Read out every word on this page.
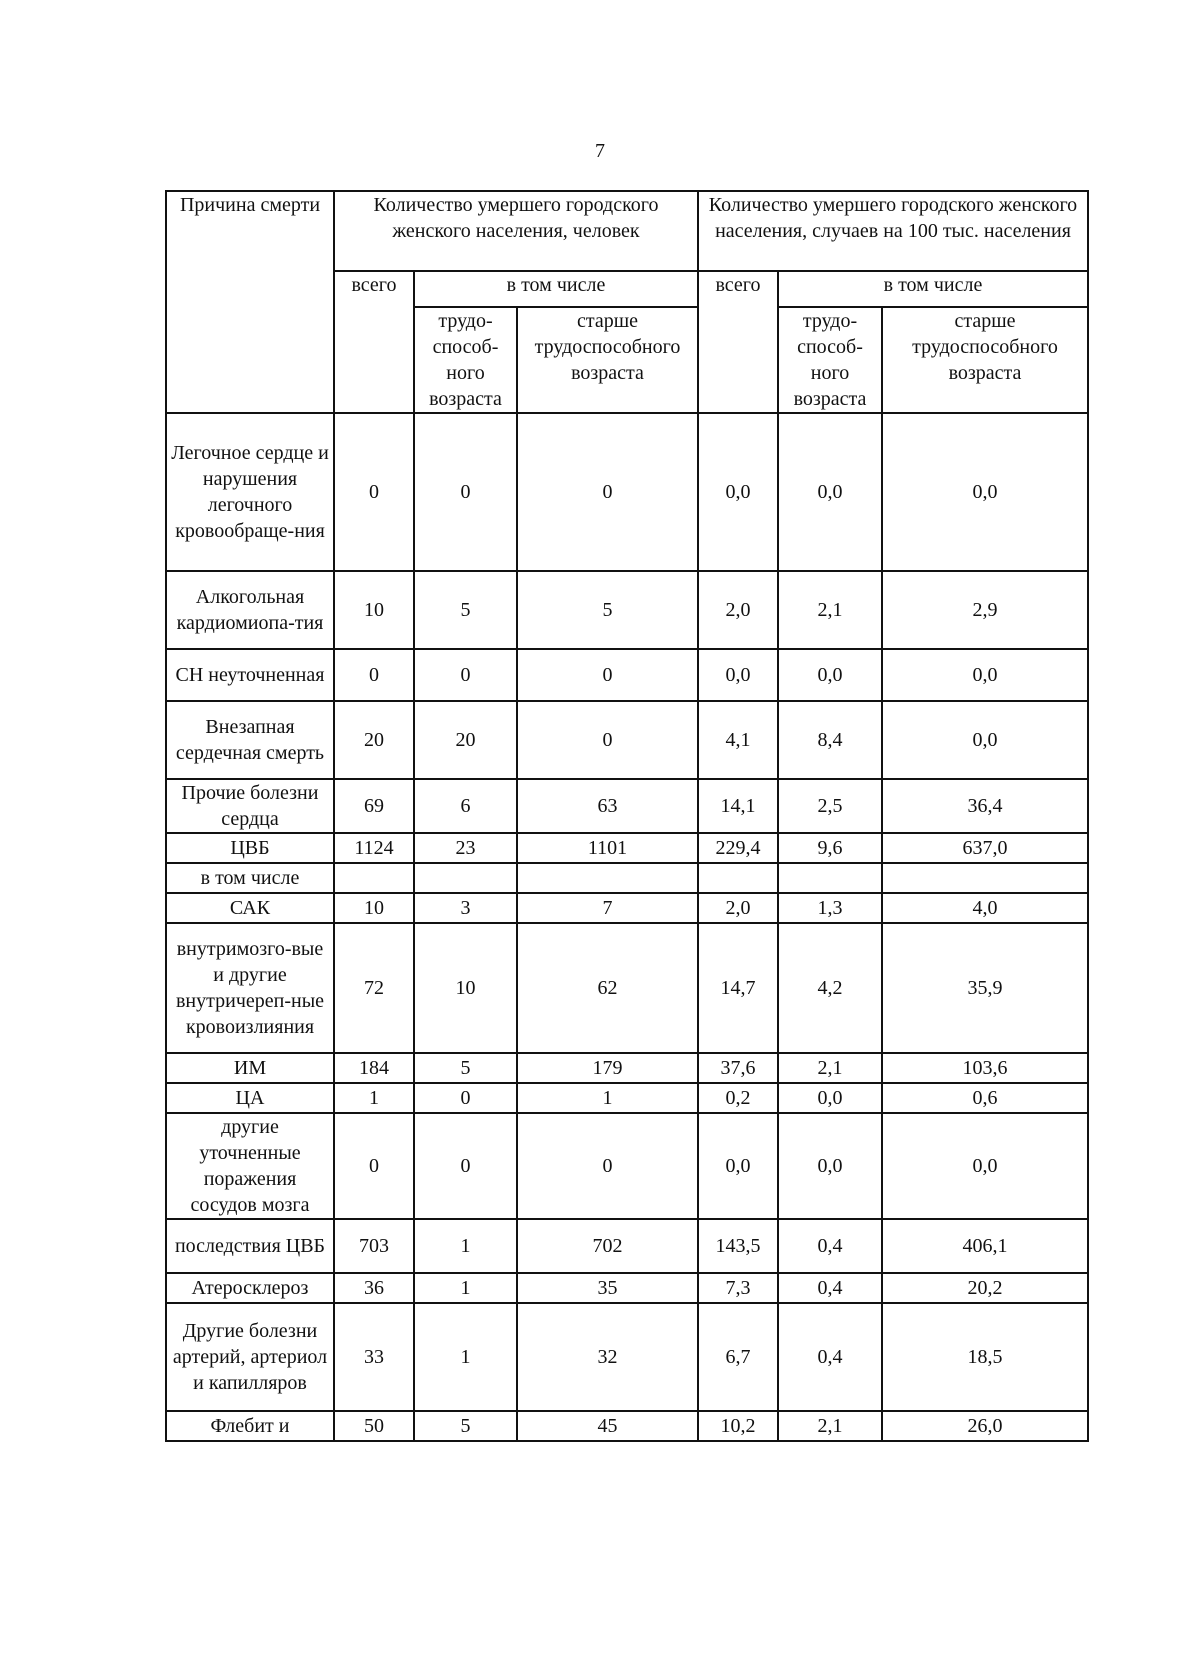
7
Причина смерти	Количество умершего городского женского населения, человек			Количество умершего городского женского населения, случаев на 100 тыс. населения		
	всего	в том числе		всего	в том числе	
		трудо-способ-ного возраста	старше трудоспособного возраста		трудо-способ-ного возраста	старше трудоспособного возраста
Легочное сердце и нарушения легочного кровообраще-ния	0	0	0	0,0	0,0	0,0
Алкогольная кардиомиопа-тия	10	5	5	2,0	2,1	2,9
СН неуточненная	0	0	0	0,0	0,0	0,0
Внезапная сердечная смерть	20	20	0	4,1	8,4	0,0
Прочие болезни сердца	69	6	63	14,1	2,5	36,4
ЦВБ	1124	23	1101	229,4	9,6	637,0
в том числе						
САК	10	3	7	2,0	1,3	4,0
внутримозго-вые и другие внутричереп-ные кровоизлияния	72	10	62	14,7	4,2	35,9
ИМ	184	5	179	37,6	2,1	103,6
ЦА	1	0	1	0,2	0,0	0,6
другие уточненные поражения сосудов мозга	0	0	0	0,0	0,0	0,0
последствия ЦВБ	703	1	702	143,5	0,4	406,1
Атеросклероз	36	1	35	7,3	0,4	20,2
Другие болезни артерий, артериол и капилляров	33	1	32	6,7	0,4	18,5
Флебит и	50	5	45	10,2	2,1	26,0
